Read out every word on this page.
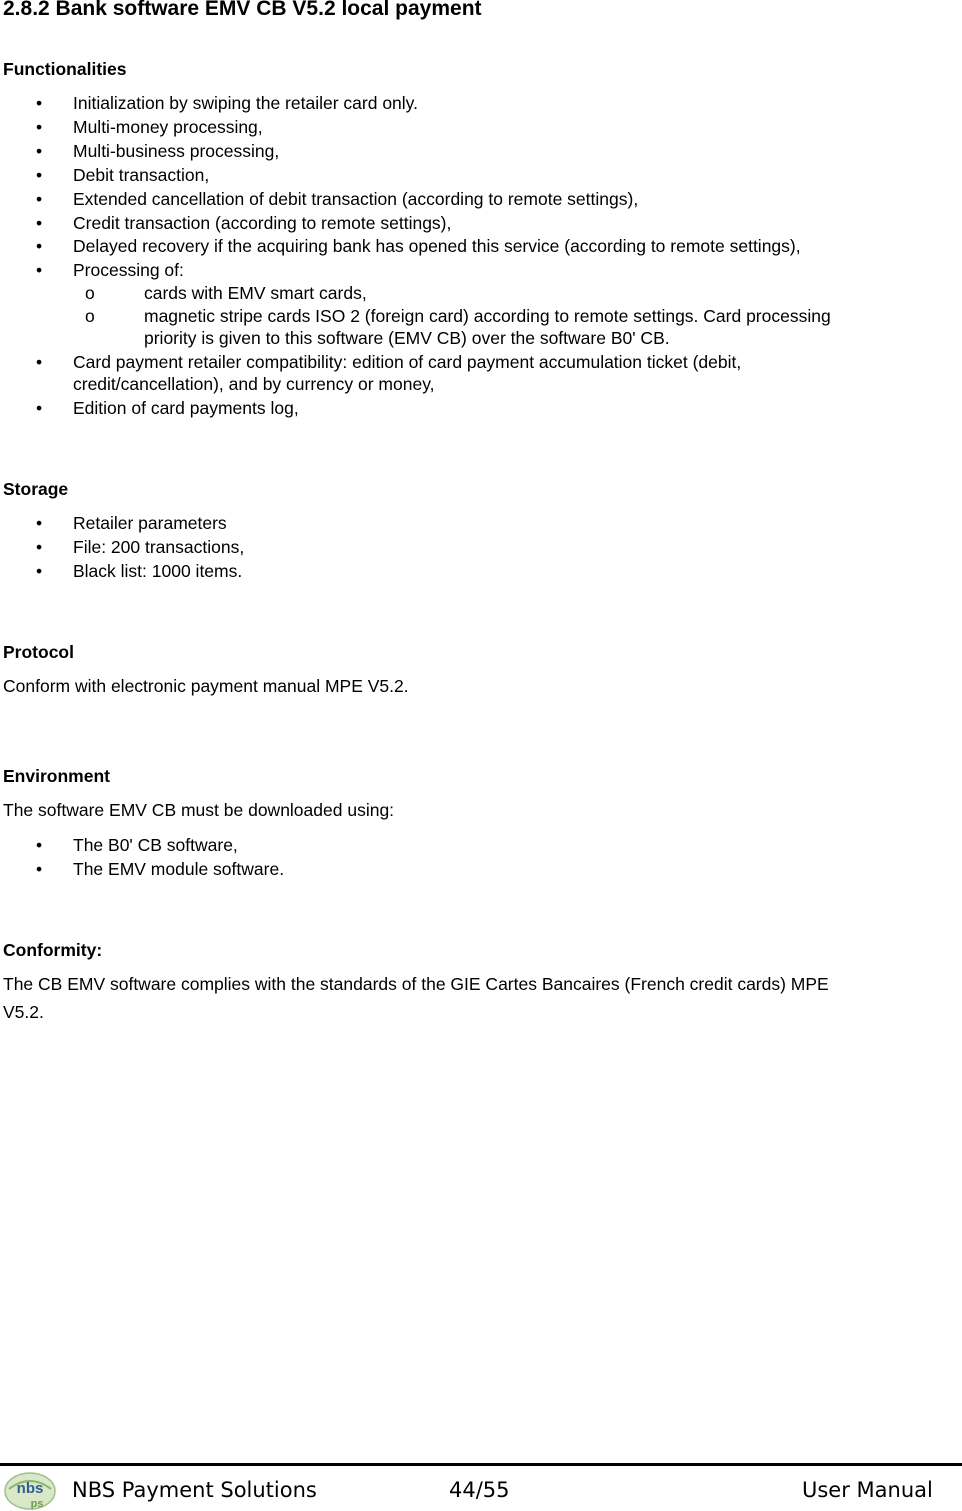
2.8.2 Bank software EMV CB V5.2 local payment
Functionalities
• Initialization by swiping the retailer card only.
• Multi-money processing,
• Multi-business processing,
• Debit transaction,
• Extended cancellation of debit transaction (according to remote settings),
• Credit transaction (according to remote settings),
• Delayed recovery if the acquiring bank has opened this service (according to remote settings),
• Processing of:
o	cards with EMV smart cards,
o	magnetic stripe cards ISO 2 (foreign card) according to remote settings. Card processing
priority is given to this software (EMV CB) over the software B0' CB.
• Card payment retailer compatibility: edition of card payment accumulation ticket (debit,
credit/cancellation), and by currency or money,
• Edition of card payments log,
Storage
• Retailer parameters
• File: 200 transactions,
• Black list: 1000 items.
Protocol
Conform with electronic payment manual MPE V5.2.
Environment
The software EMV CB must be downloaded using:
• The B0' CB software,
• The EMV module software.
Conformity:
The CB EMV software complies with the standards of the GIE Cartes Bancaires (French credit cards) MPE
V5.2.
nbs
ps
NBS Payment Solutions	44/55	User Manual
